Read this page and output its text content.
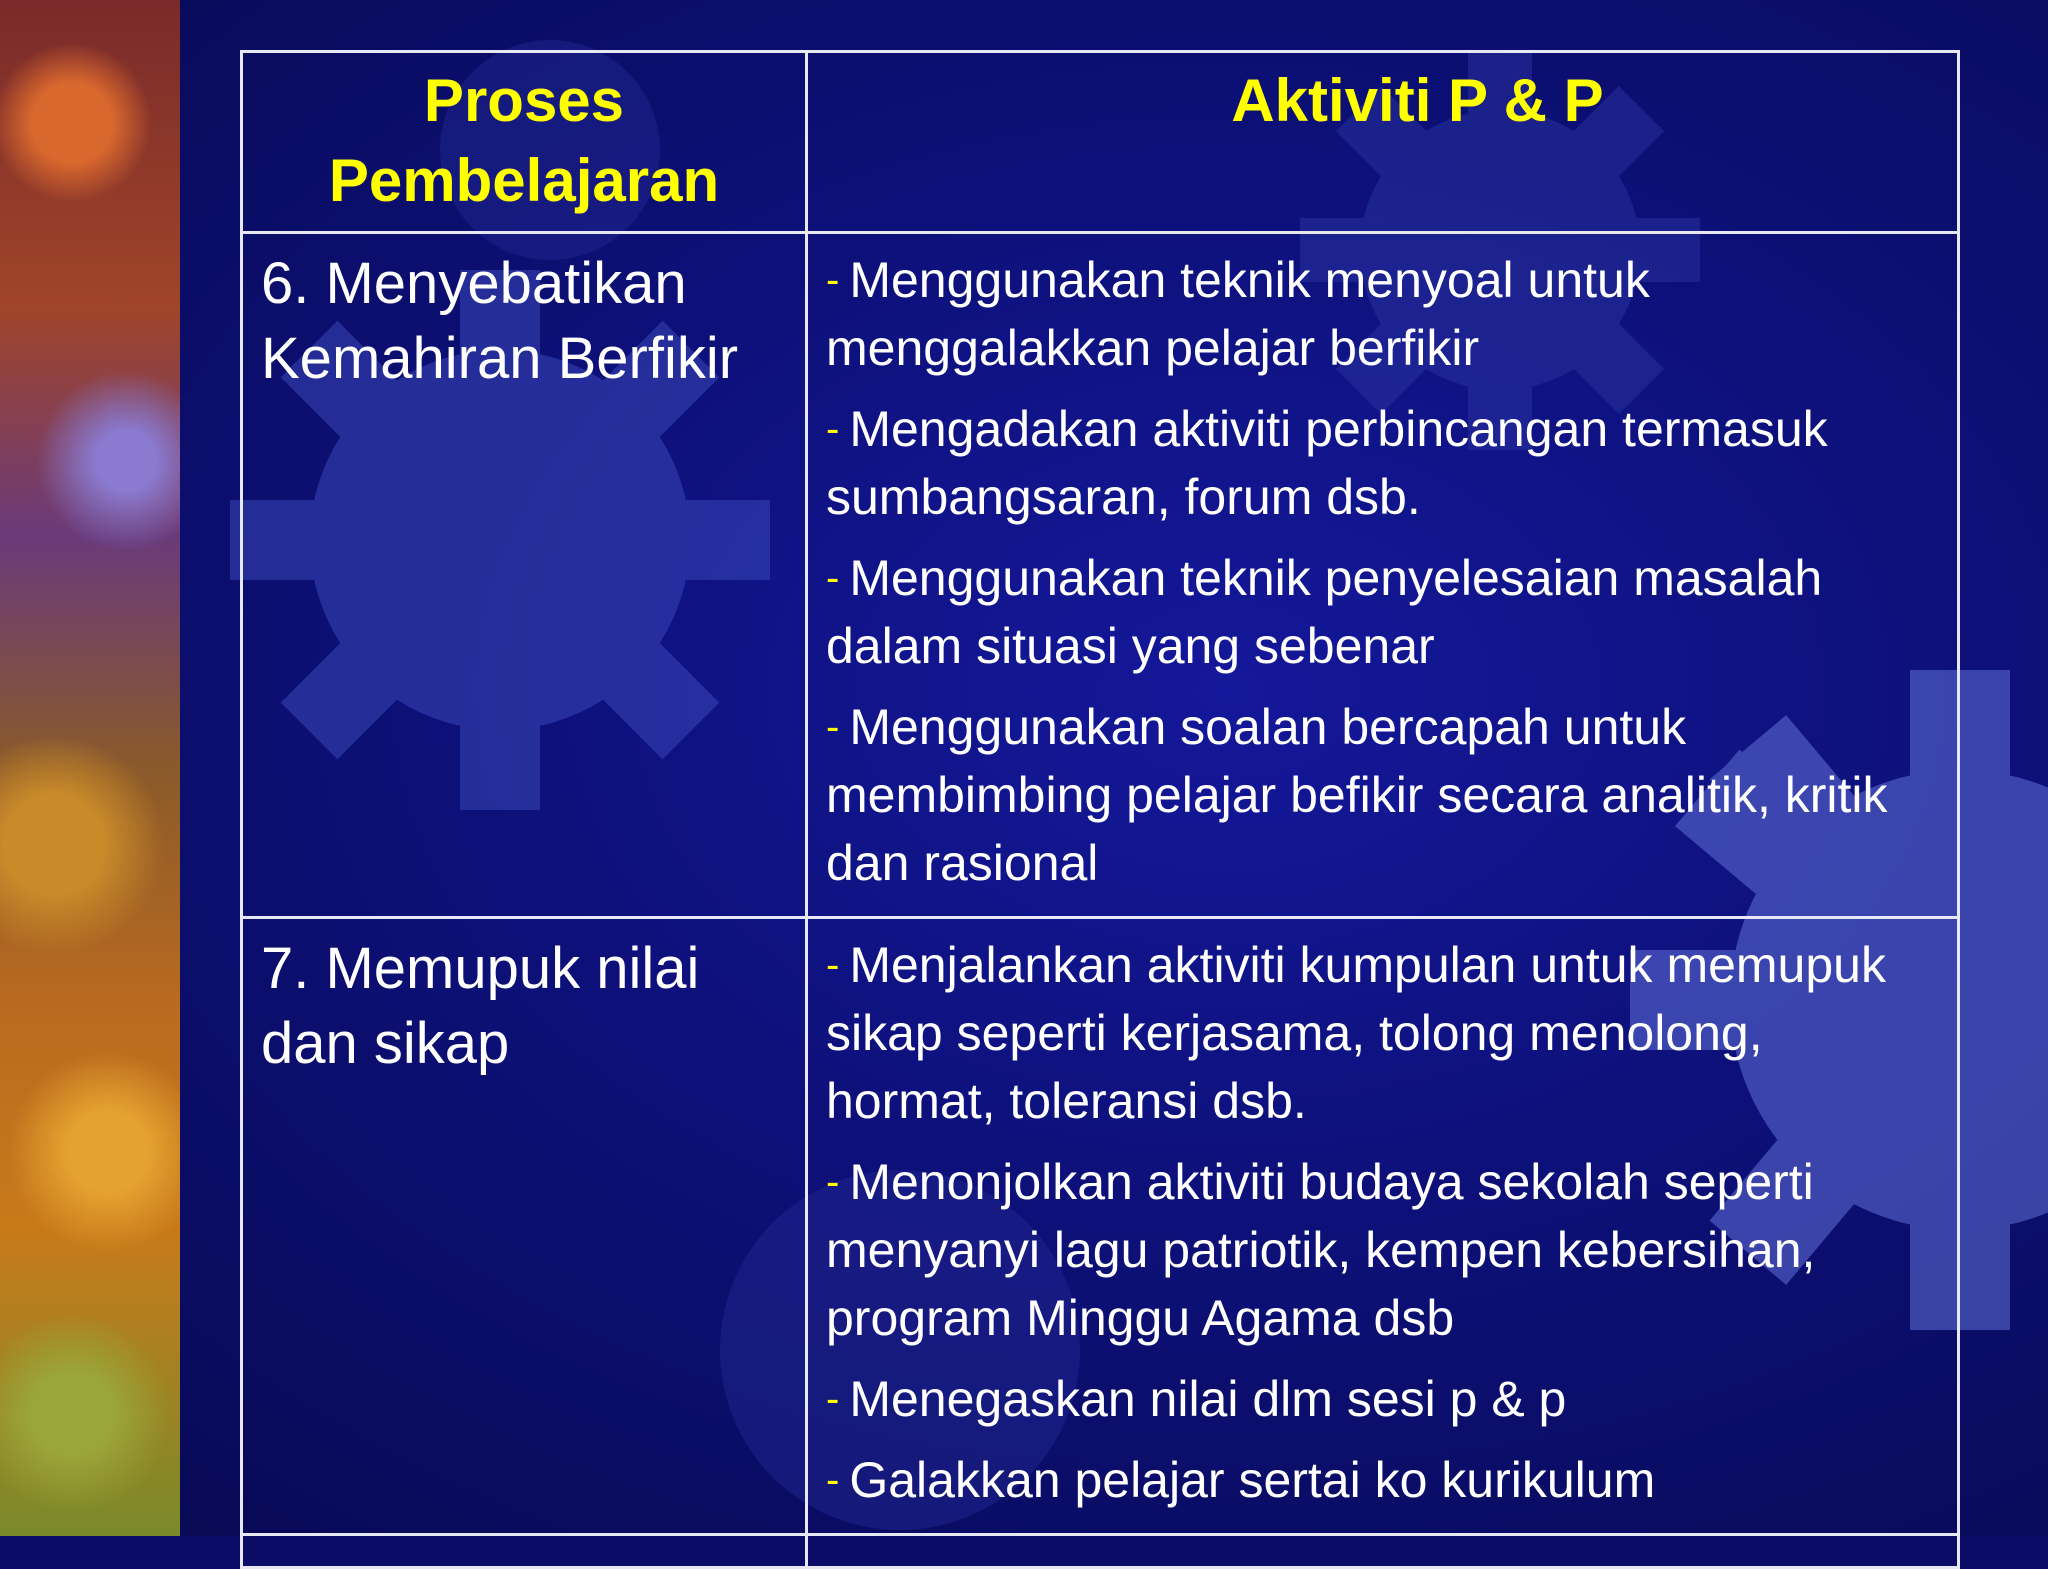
Proses Pembelajaran	Aktiviti P & P

6. Menyebatikan Kemahiran Berfikir	- Menggunakan teknik menyoal untuk menggalakkan pelajar berfikir
- Mengadakan aktiviti perbincangan termasuk sumbangsaran, forum dsb.
- Menggunakan teknik penyelesaian masalah dalam situasi yang sebenar
- Menggunakan soalan bercapah untuk membimbing pelajar befikir secara analitik, kritik dan rasional

7. Memupuk nilai dan sikap	- Menjalankan aktiviti kumpulan untuk memupuk sikap seperti kerjasama, tolong menolong, hormat, toleransi dsb.
- Menonjolkan aktiviti budaya sekolah seperti menyanyi lagu patriotik, kempen kebersihan, program Minggu Agama dsb
- Menegaskan nilai dlm sesi p & p
- Galakkan pelajar sertai ko kurikulum
